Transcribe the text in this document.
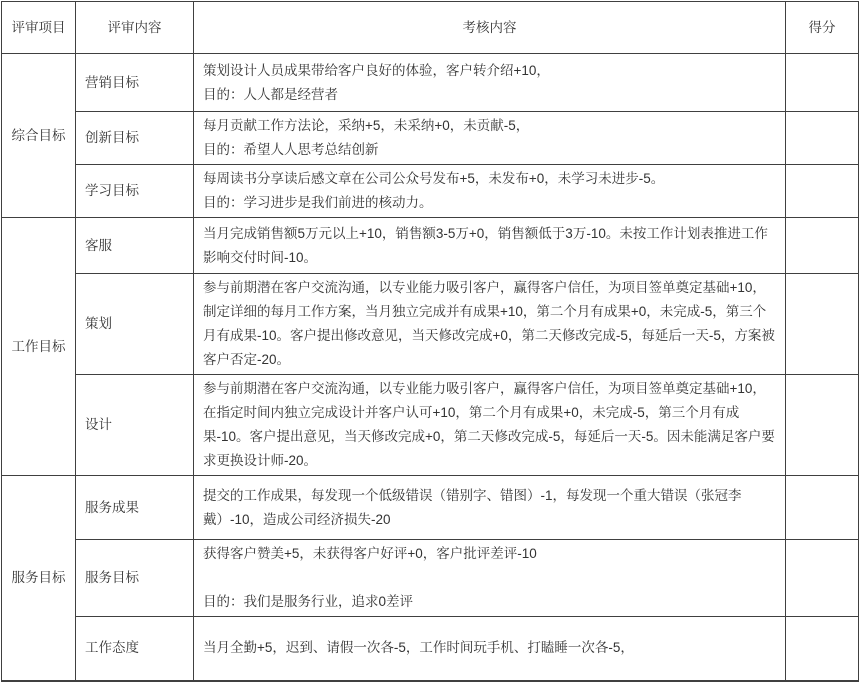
评审项目	评审内容	考核内容	得分
综合目标	营销目标	策划设计人员成果带给客户良好的体验，客户转介绍+10，
目的：人人都是经营者	

	创新目标	每月贡献工作方法论，采纳+5，未采纳+0，未贡献-5，
目的：希望人人思考总结创新	

	学习目标	每周读书分享读后感文章在公司公众号发布+5，未发布+0，未学习未进步-5。
目的：学习进步是我们前进的核动力。	

工作目标	客服	当月完成销售额5万元以上+10，销售额3-5万+0，销售额低于3万-10。未按工作计划表推进工作影响交付时间-10。	

	策划	参与前期潜在客户交流沟通，以专业能力吸引客户，赢得客户信任，为项目签单奠定基础+10，制定详细的每月工作方案，当月独立完成并有成果+10，第二个月有成果+0，未完成-5，第三个月有成果-10。客户提出修改意见，当天修改完成+0，第二天修改完成-5，每延后一天-5，方案被客户否定-20。	

	设计	参与前期潜在客户交流沟通，以专业能力吸引客户，赢得客户信任，为项目签单奠定基础+10，在指定时间内独立完成设计并客户认可+10，第二个月有成果+0，未完成-5，第三个月有成果-10。客户提出意见，当天修改完成+0，第二天修改完成-5，每延后一天-5。因未能满足客户要求更换设计师-20。	

服务目标	服务成果	提交的工作成果，每发现一个低级错误（错别字、错图）-1，每发现一个重大错误（张冠李戴）-10，造成公司经济损失-20	

	服务目标	获得客户赞美+5，未获得客户好评+0，客户批评差评-10
目的：我们是服务行业，追求0差评	

	工作态度	当月全勤+5，迟到、请假一次各-5，工作时间玩手机、打瞌睡一次各-5，	
